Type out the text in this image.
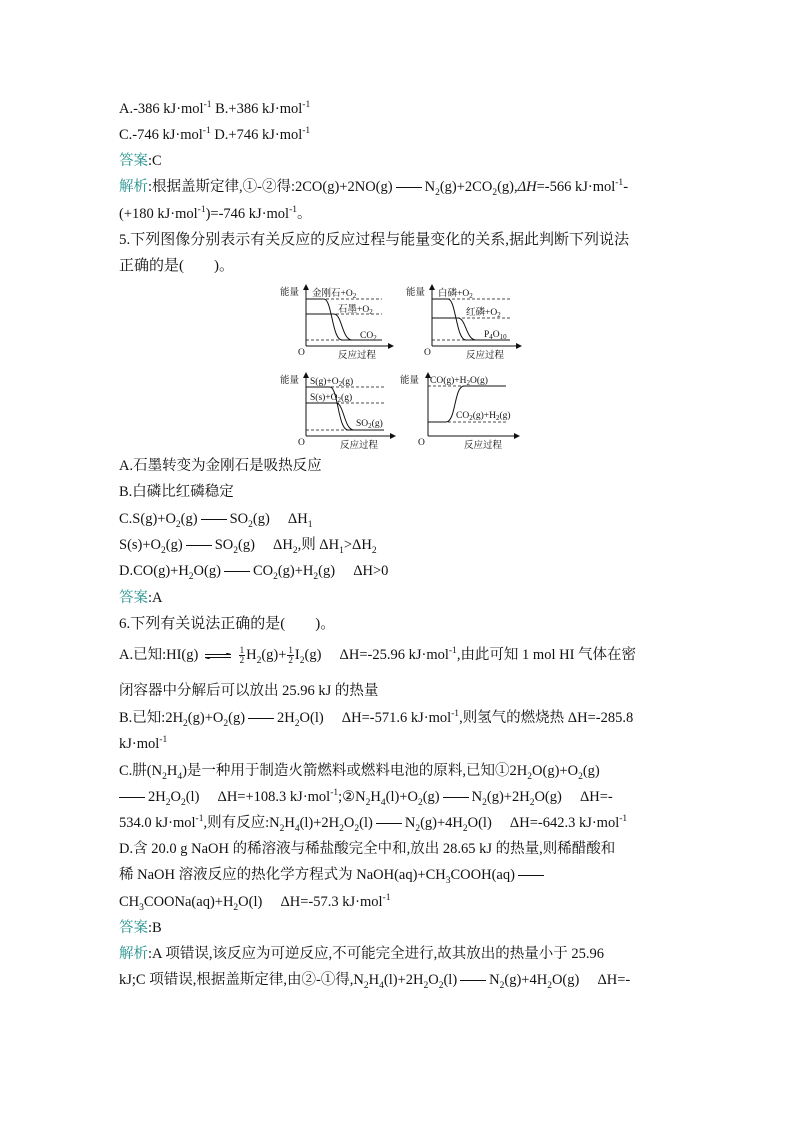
A.-386 kJ·mol$^{-1}$ B.+386 kJ·mol$^{-1}$
C.-746 kJ·mol$^{-1}$ D.+746 kJ·mol$^{-1}$
答案:C
解析:根据盖斯定律,①-②得:2CO(g)+2NO(g) $N_2(g)+2CO_2(g),\Delta H=-566$ kJ·mol$^{-1}$-
(+180 kJ·mol$^{-1}$)=-746 kJ·mol$^{-1}$。
5.下列图像分别表示有关反应的反应过程与能量变化的关系,据此判断下列说法
正确的是(　　)。
能量
O	反应过程
金刚石$+O_2$
石墨$+O_2$
$CO_2$
能量
O	反应过程
白磷$+O_2$
红磷$+O_2$
$P_4O_{10}$
能量
O	反应过程
$S(g)+O_2(g)$
$S(s)+O_2(g)$
$SO_2(g)$
能量
O	反应过程
$CO(g)+H_2O(g)$
$CO_2(g)+H_2(g)$
A.石墨转变为金刚石是吸热反应
B.白磷比红磷稳定
$C.S(g)+O_2(g)$ $SO_2(g)$　 $\Delta H_1$
$S(s)+O_2(g)$ $SO_2(g)$　 $\Delta H_2$,则 $\Delta H_1>\Delta H_2$
$D.CO(g)+H_2O(g)$ $CO_2(g)+H_2(g)$　 ΔH>0
答案:A
6.下列有关说法正确的是(　　)。
A.已知:HI(g) ⇌ $\frac{1}{2} H_2(g)+ \frac{1}{2} I_2(g)$　 ΔH=-25.96 kJ·mol$^{-1}$,由此可知 1 mol HI 气体在密
闭容器中分解后可以放出 25.96 kJ 的热量
B.已知$:2H_2(g)+O_2(g)$ $2H_2O(l)$　 ΔH=-571.6 kJ·mol$^{-1}$,则氢气的燃烧热 ΔH=-285.8
kJ·mol$^{-1}$
C.肼$(N_2H_4)$是一种用于制造火箭燃料或燃料电池的原料,已知$①2H_2O(g)+O_2(g)$
$2H_2O_2(l)$　 ΔH=+108.3 $kJ\cdot mol^{-1};②N_2H_4(l)+O_2(g)$ $N_2(g)+2H_2O(g)$　 ΔH=-
534.0 kJ·mol$^{-1}$,则有反应$:N_2H_4(l)+2H_2O_2(l)$ $N_2(g)+4H_2O(l)$　 ΔH=-642.3 kJ·mol$^{-1}$
D.含 20.0 g NaOH 的稀溶液与稀盐酸完全中和,放出 28.65 kJ 的热量,则稀醋酸和
稀 NaOH 溶液反应的热化学方程式为 $NaOH(aq)+CH_3COOH(aq)$
$CH_3COONa(aq)+H_2O(l)$　 ΔH=-57.3 kJ·mol$^{-1}$
答案:B
解析:A 项错误,该反应为可逆反应,不可能完全进行,故其放出的热量小于 25.96
kJ;C 项错误,根据盖斯定律,由②-①得$,N_2H_4(l)+2H_2O_2(l)$ $N_2(g)+4H_2O(g)$　 ΔH=-
